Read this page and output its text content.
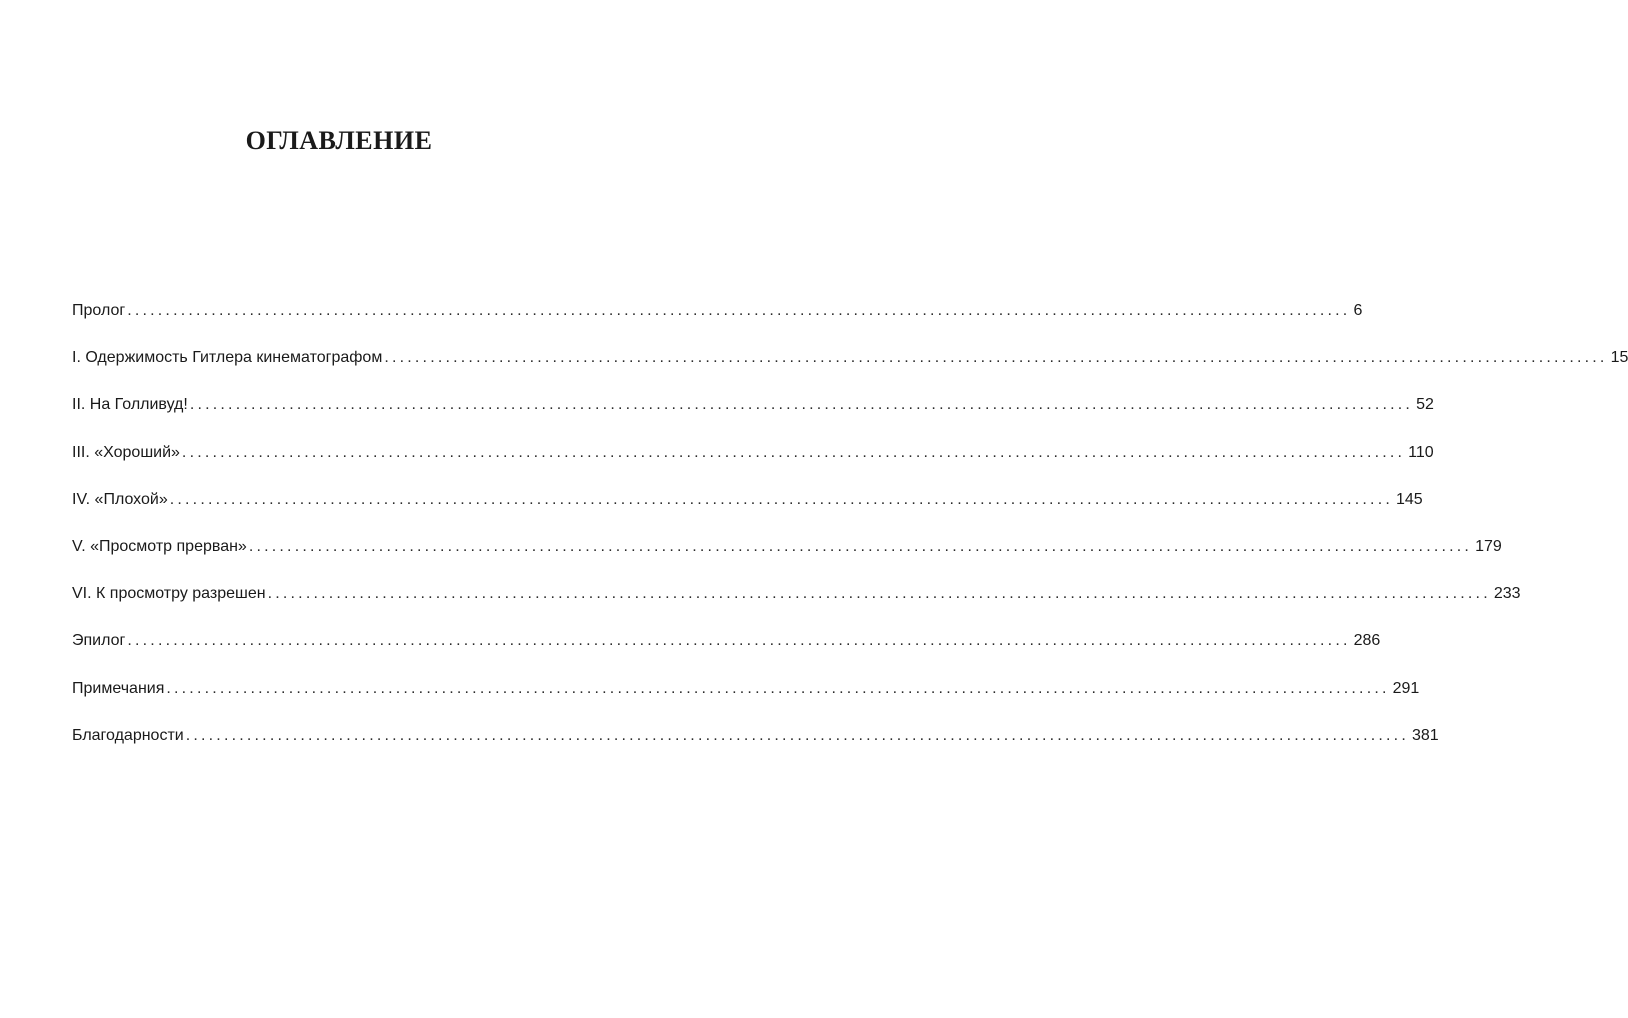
ОГЛАВЛЕНИЕ
Пролог ................................................................................................................................................................ 6
I. Одержимость Гитлера кинематографом ................................................................................................................................................................ 15
II. На Голливуд! ................................................................................................................................................................ 52
III. «Хороший» ................................................................................................................................................................ 110
IV. «Плохой» ................................................................................................................................................................ 145
V. «Просмотр прерван» ................................................................................................................................................................ 179
VI. К просмотру разрешен ................................................................................................................................................................ 233
Эпилог ................................................................................................................................................................ 286
Примечания ................................................................................................................................................................ 291
Благодарности ................................................................................................................................................................ 381
